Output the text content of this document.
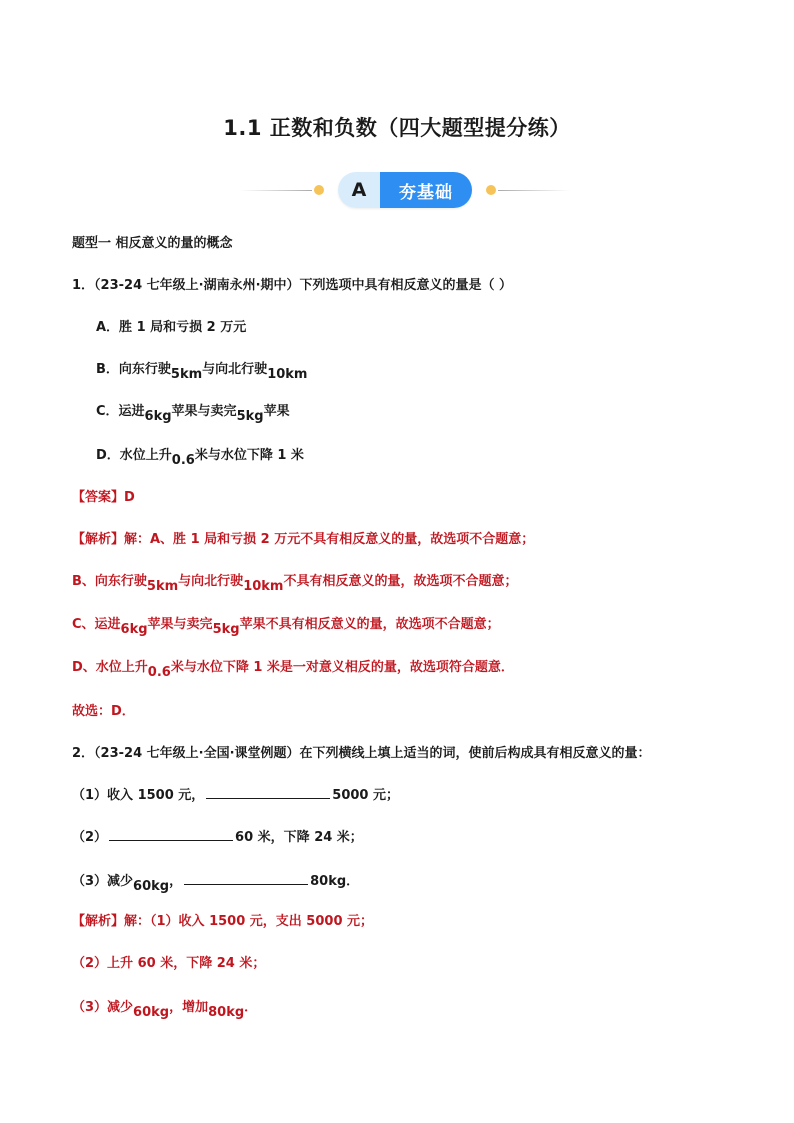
1.1 正数和负数（四大题型提分练）
A	夯基础
题型一 相反意义的量的概念
1．（23-24 七年级上·湖南永州·期中）下列选项中具有相反意义的量是（ ）
A．胜 1 局和亏损 2 万元
B．向东行驶$_{5km}$与向北行驶$_{10km}$
C．运进$_{6kg}$苹果与卖完$_{5kg}$苹果
D．水位上升$_{0.6}$米与水位下降 1 米
【答案】D
【解析】解：A、胜 1 局和亏损 2 万元不具有相反意义的量，故选项不合题意；
B、向东行驶$_{5km}$与向北行驶$_{10km}$不具有相反意义的量，故选项不合题意；
C、运进$_{6kg}$苹果与卖完$_{5kg}$苹果不具有相反意义的量，故选项不合题意；
D、水位上升$_{0.6}$米与水位下降 1 米是一对意义相反的量，故选项符合题意．
故选：D．
2．（23-24 七年级上·全国·课堂例题）在下列横线上填上适当的词，使前后构成具有相反意义的量：
（1）收入 1500 元，	5000 元；
（2）	60 米，下降 24 米；
（3）减少$_{60kg}$，	80kg．
【解析】解：（1）收入 1500 元，支出 5000 元；
（2）上升 60 米，下降 24 米；
（3）减少$_{60kg}$，增加$_{80kg}$．
